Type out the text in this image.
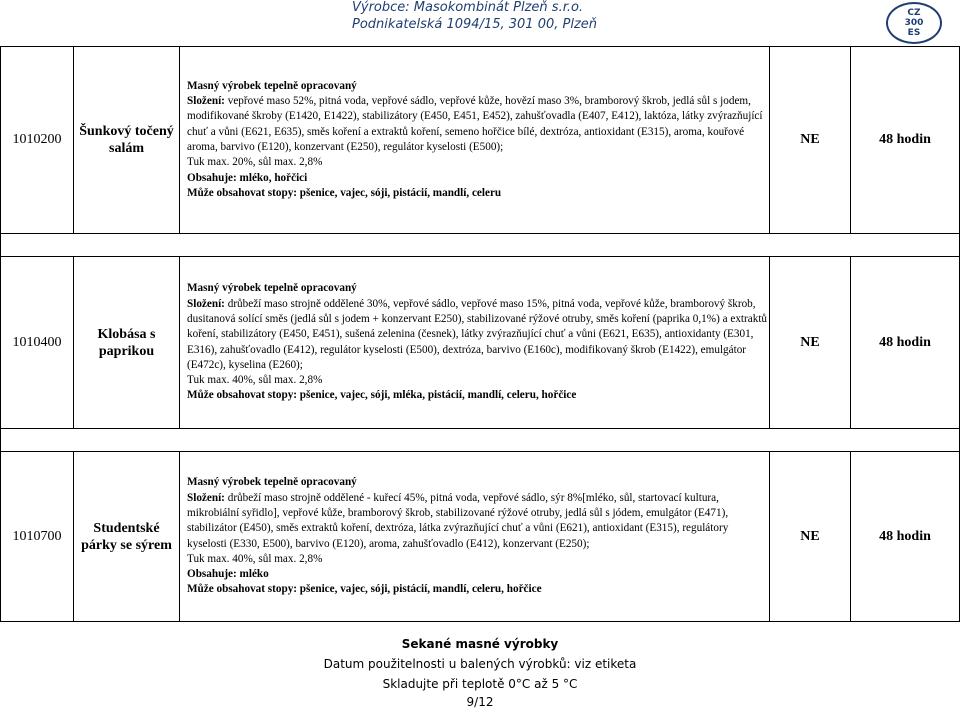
Výrobce: Masokombinát Plzeň s.r.o.
Podnikatelská 1094/15, 301 00, Plzeň
CZ
300
ES
1010200	Šunkový točený salám	Masný výrobek tepelně opracovaný
Složení: vepřové maso 52%, pitná voda, vepřové sádlo, vepřové kůže, hovězí maso 3%, bramborový škrob, jedlá sůl s jodem, modifikované škroby (E1420, E1422), stabilizátory (E450, E451, E452), zahušťovadla (E407, E412), laktóza, látky zvýrazňující chuť a vůni (E621, E635), směs koření a extraktů koření, semeno hořčice bílé, dextróza, antioxidant (E315), aroma, kouřové aroma, barvivo (E120), konzervant (E250), regulátor kyselosti (E500);
Tuk max. 20%, sůl max. 2,8%
Obsahuje: mléko, hořčici
Může obsahovat stopy: pšenice, vajec, sóji, pistácií, mandlí, celeru	NE	48 hodin

1010400	Klobása s paprikou	Masný výrobek tepelně opracovaný
Složení: drůbeží maso strojně oddělené 30%, vepřové sádlo, vepřové maso 15%, pitná voda, vepřové kůže, bramborový škrob, dusitanová solící směs (jedlá sůl s jodem + konzervant E250), stabilizované rýžové otruby, směs koření (paprika 0,1%) a extraktů koření, stabilizátory (E450, E451), sušená zelenina (česnek), látky zvýrazňující chuť a vůni (E621, E635), antioxidanty (E301, E316), zahušťovadlo (E412), regulátor kyselosti (E500), dextróza, barvivo (E160c), modifikovaný škrob (E1422), emulgátor (E472c), kyselina (E260);
Tuk max. 40%, sůl max. 2,8%
Může obsahovat stopy: pšenice, vajec, sóji, mléka, pistácií, mandlí, celeru, hořčice	NE	48 hodin

1010700	Studentské párky se sýrem	Masný výrobek tepelně opracovaný
Složení: drůbeží maso strojně oddělené - kuřecí 45%, pitná voda, vepřové sádlo, sýr 8%[mléko, sůl, startovací kultura, mikrobiální syřidlo], vepřové kůže, bramborový škrob, stabilizované rýžové otruby, jedlá sůl s jódem, emulgátor (E471), stabilizátor (E450), směs extraktů koření, dextróza, látka zvýrazňující chuť a vůni (E621), antioxidant (E315), regulátory kyselosti (E330, E500), barvivo (E120), aroma, zahušťovadlo (E412), konzervant (E250);
Tuk max. 40%, sůl max. 2,8%
Obsahuje: mléko
Může obsahovat stopy: pšenice, vajec, sóji, pistácií, mandlí, celeru, hořčice	NE	48 hodin
Sekané masné výrobky
Datum použitelnosti u balených výrobků: viz etiketa
Skladujte při teplotě 0°C až 5 °C
9/12
